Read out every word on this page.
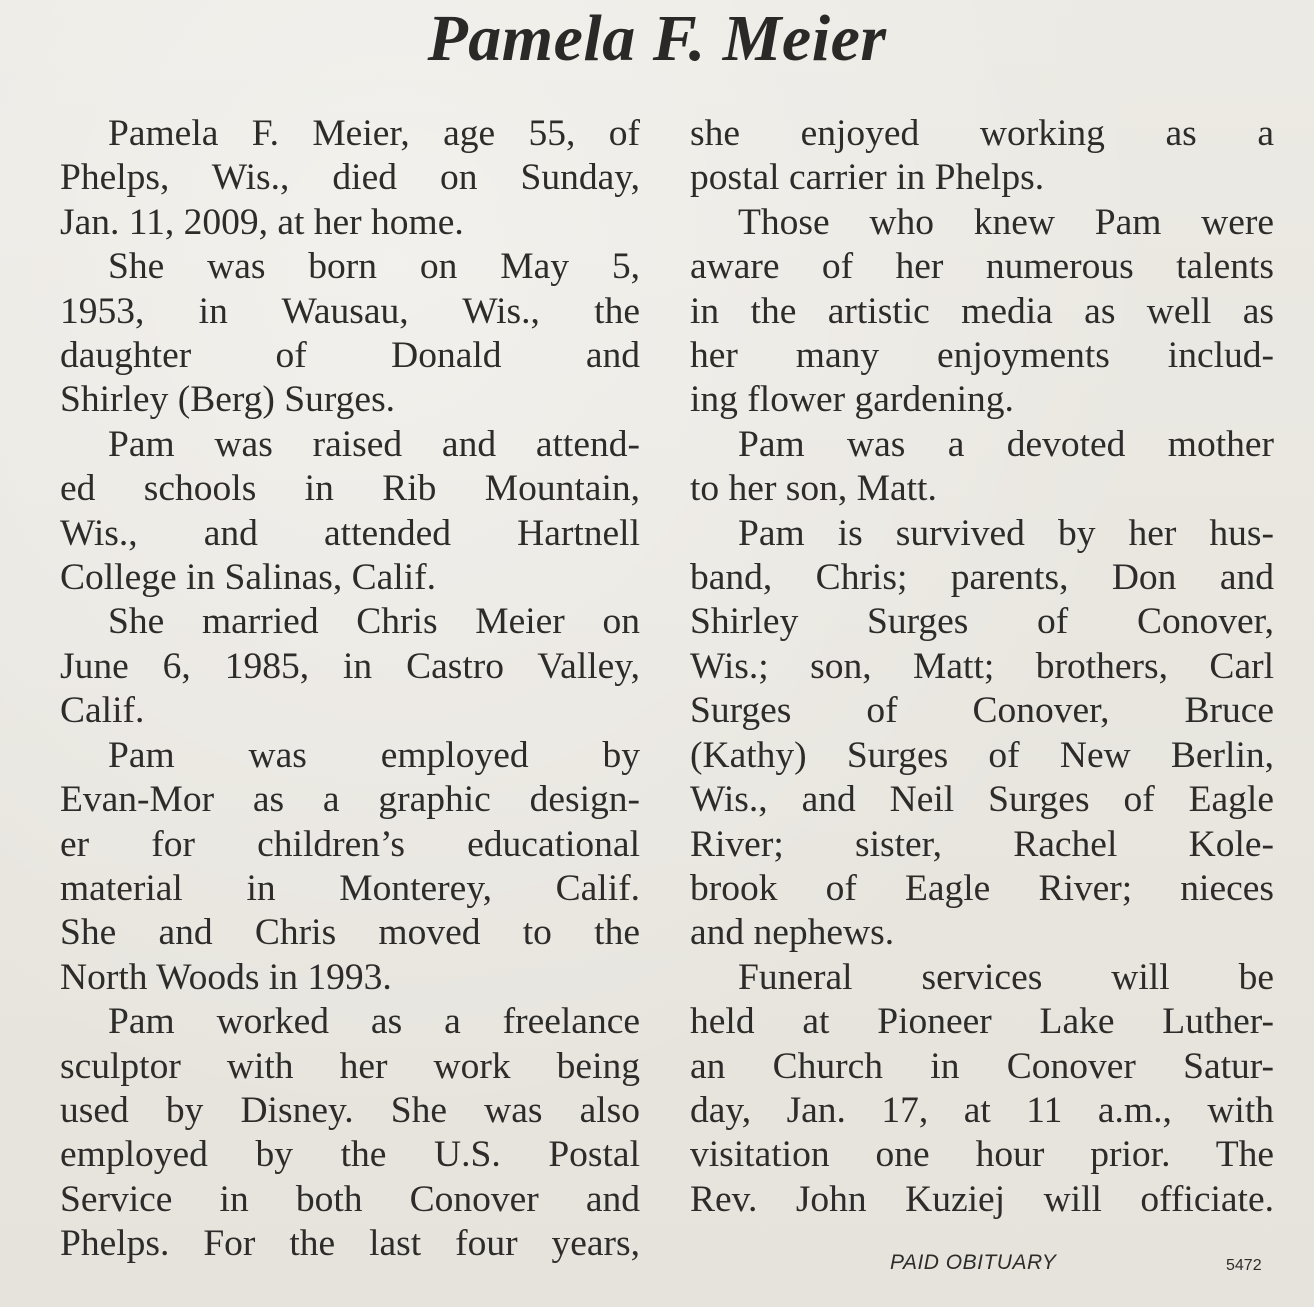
Pamela F. Meier
Pamela F. Meier, age 55, of
Phelps, Wis., died on Sunday,
Jan. 11, 2009, at her home.
She was born on May 5,
1953, in Wausau, Wis., the
daughter of Donald and
Shirley (Berg) Surges.
Pam was raised and attend-
ed schools in Rib Mountain,
Wis., and attended Hartnell
College in Salinas, Calif.
She married Chris Meier on
June 6, 1985, in Castro Valley,
Calif.
Pam was employed by
Evan-Mor as a graphic design-
er for children’s educational
material in Monterey, Calif.
She and Chris moved to the
North Woods in 1993.
Pam worked as a freelance
sculptor with her work being
used by Disney. She was also
employed by the U.S. Postal
Service in both Conover and
Phelps. For the last four years,
she enjoyed working as a
postal carrier in Phelps.
Those who knew Pam were
aware of her numerous talents
in the artistic media as well as
her many enjoyments includ-
ing flower gardening.
Pam was a devoted mother
to her son, Matt.
Pam is survived by her hus-
band, Chris; parents, Don and
Shirley Surges of Conover,
Wis.; son, Matt; brothers, Carl
Surges of Conover, Bruce
(Kathy) Surges of New Berlin,
Wis., and Neil Surges of Eagle
River; sister, Rachel Kole-
brook of Eagle River; nieces
and nephews.
Funeral services will be
held at Pioneer Lake Luther-
an Church in Conover Satur-
day, Jan. 17, at 11 a.m., with
visitation one hour prior. The
Rev. John Kuziej will officiate.
PAID OBITUARY	5472
